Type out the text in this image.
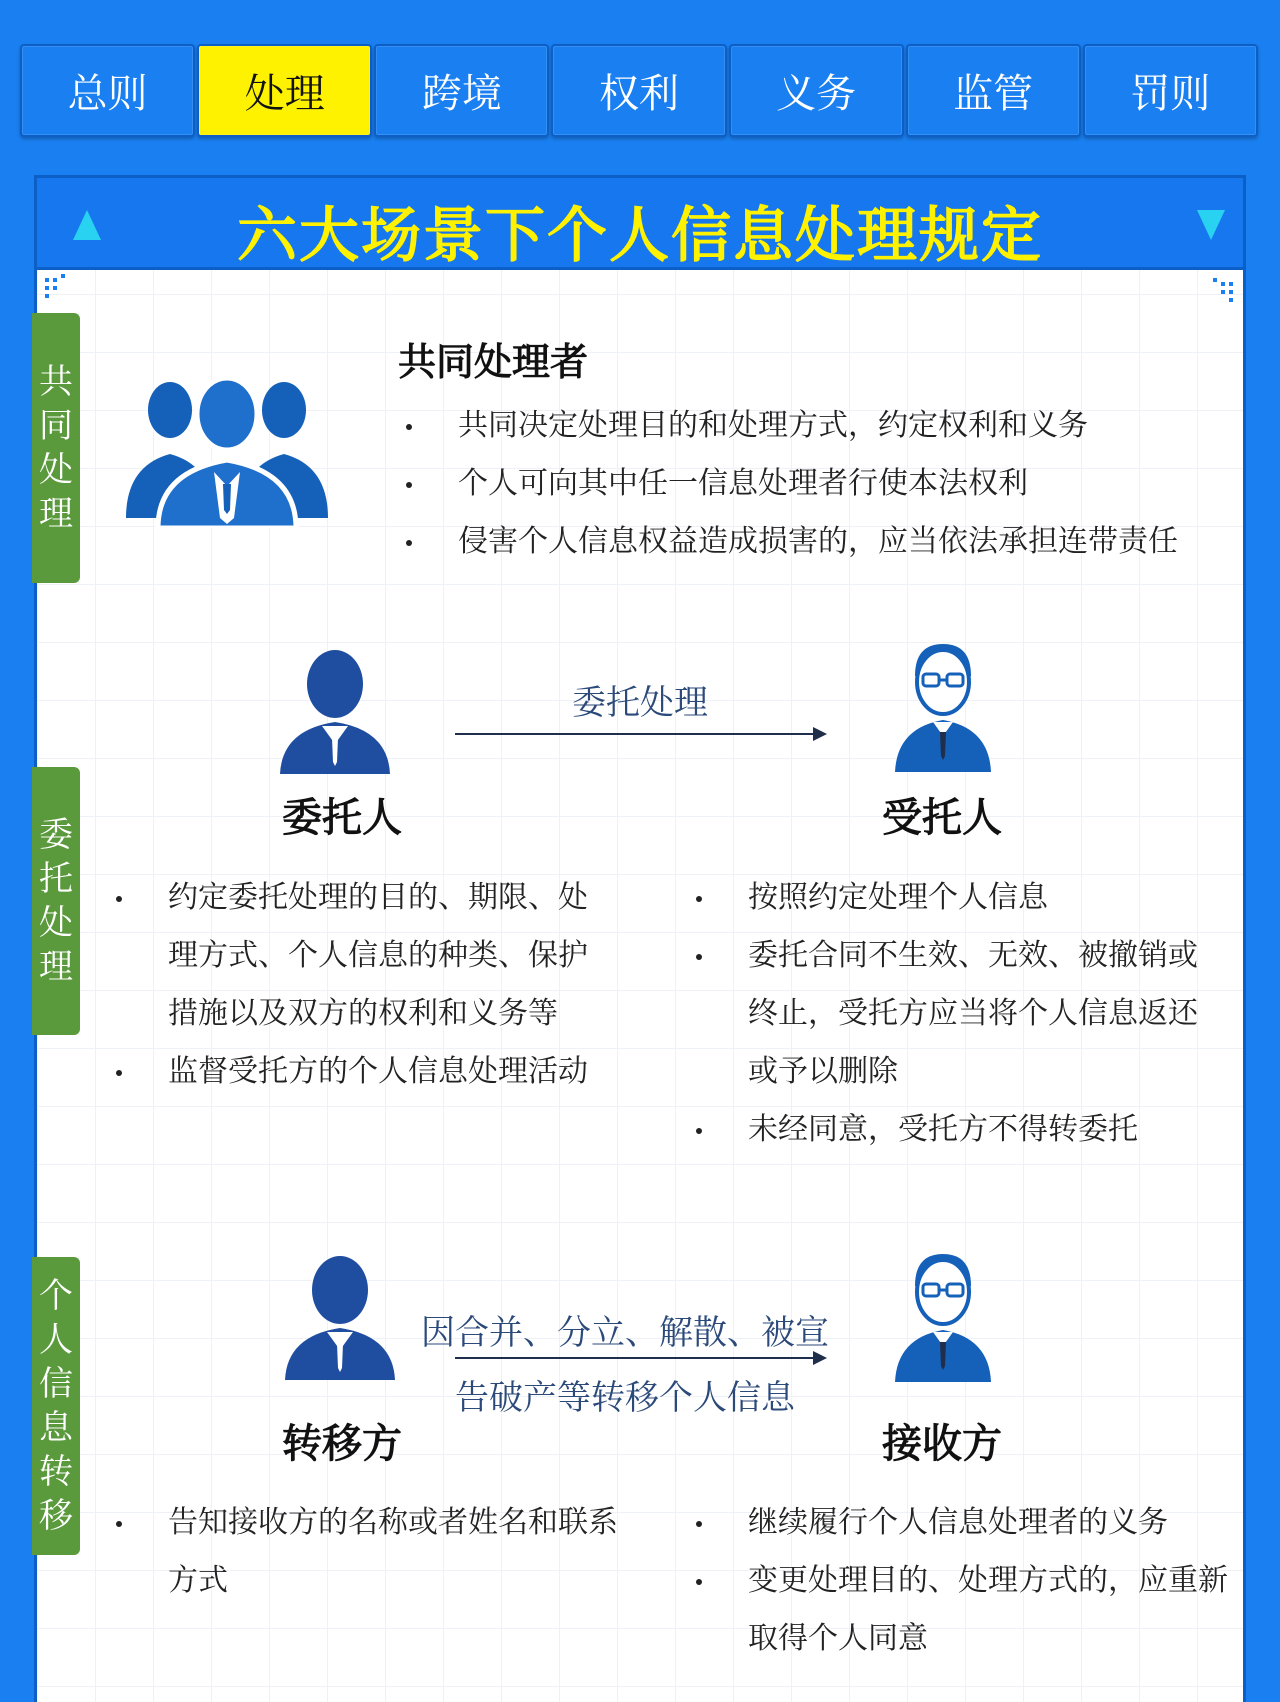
总则	处理	跨境	权利	义务	监管	罚则
六大场景下个人信息处理规定
共同处理
委托处理
个人信息转移
共同处理者
共同决定处理目的和处理方式，约定权利和义务
个人可向其中任一信息处理者行使本法权利
侵害个人信息权益造成损害的，应当依法承担连带责任
委托处理
委托人	受托人
约定委托处理的目的、期限、处理方式、个人信息的种类、保护措施以及双方的权利和义务等
监督受托方的个人信息处理活动
按照约定处理个人信息
委托合同不生效、无效、被撤销或终止，受托方应当将个人信息返还或予以删除
未经同意，受托方不得转委托
因合并、分立、解散、被宣
告破产等转移个人信息
转移方	接收方
告知接收方的名称或者姓名和联系方式
继续履行个人信息处理者的义务
变更处理目的、处理方式的，应重新取得个人同意
